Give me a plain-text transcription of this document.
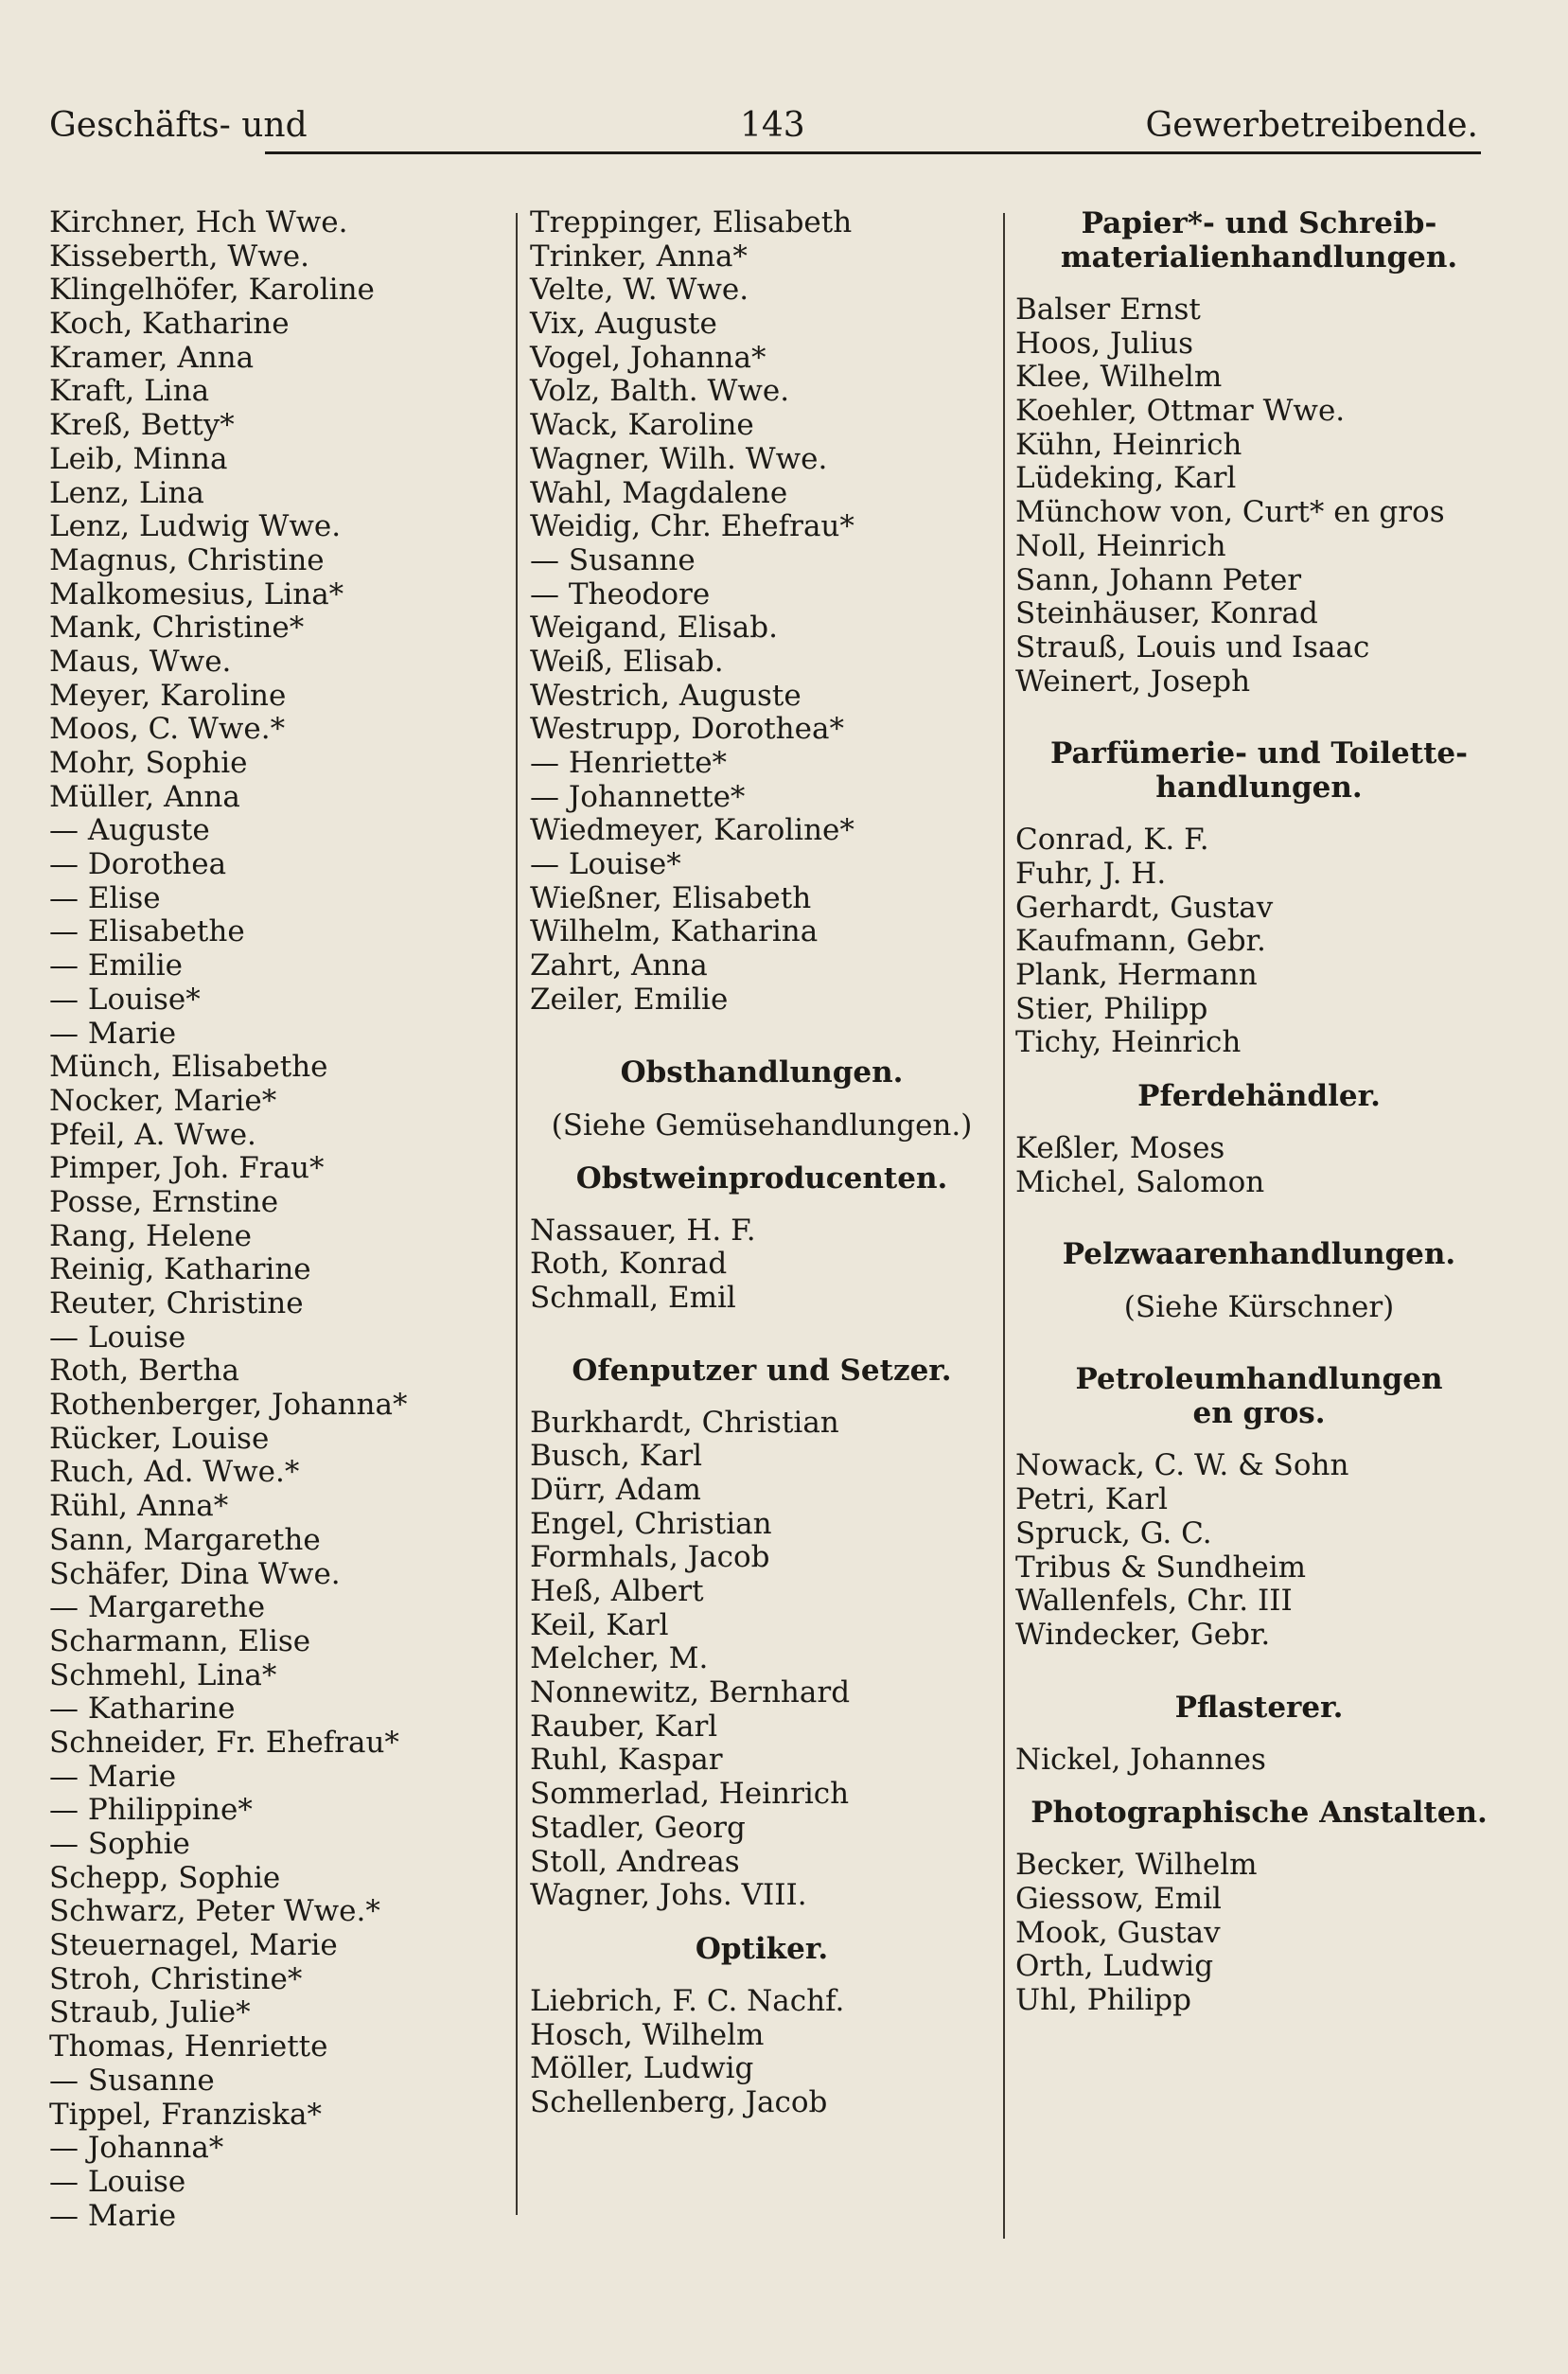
Geschäfts- und	143	Gewerbetreibende.
Kirchner, Hch Wwe.
Kisseberth, Wwe.
Klingelhöfer, Karoline
Koch, Katharine
Kramer, Anna
Kraft, Lina
Kreß, Betty*
Leib, Minna
Lenz, Lina
Lenz, Ludwig Wwe.
Magnus, Christine
Malkomesius, Lina*
Mank, Christine*
Maus, Wwe.
Meyer, Karoline
Moos, C. Wwe.*
Mohr, Sophie
Müller, Anna
— Auguste
— Dorothea
— Elise
— Elisabethe
— Emilie
— Louise*
— Marie
Münch, Elisabethe
Nocker, Marie*
Pfeil, A. Wwe.
Pimper, Joh. Frau*
Posse, Ernstine
Rang, Helene
Reinig, Katharine
Reuter, Christine
— Louise
Roth, Bertha
Rothenberger, Johanna*
Rücker, Louise
Ruch, Ad. Wwe.*
Rühl, Anna*
Sann, Margarethe
Schäfer, Dina Wwe.
— Margarethe
Scharmann, Elise
Schmehl, Lina*
— Katharine
Schneider, Fr. Ehefrau*
— Marie
— Philippine*
— Sophie
Schepp, Sophie
Schwarz, Peter Wwe.*
Steuernagel, Marie
Stroh, Christine*
Straub, Julie*
Thomas, Henriette
— Susanne
Tippel, Franziska*
— Johanna*
— Louise
— Marie
Treppinger, Elisabeth
Trinker, Anna*
Velte, W. Wwe.
Vix, Auguste
Vogel, Johanna*
Volz, Balth. Wwe.
Wack, Karoline
Wagner, Wilh. Wwe.
Wahl, Magdalene
Weidig, Chr. Ehefrau*
— Susanne
— Theodore
Weigand, Elisab.
Weiß, Elisab.
Westrich, Auguste
Westrupp, Dorothea*
— Henriette*
— Johannette*
Wiedmeyer, Karoline*
— Louise*
Wießner, Elisabeth
Wilhelm, Katharina
Zahrt, Anna
Zeiler, Emilie
Obsthandlungen.
(Siehe Gemüsehandlungen.)
Obstweinproducenten.
Nassauer, H. F.
Roth, Konrad
Schmall, Emil
Ofenputzer und Setzer.
Burkhardt, Christian
Busch, Karl
Dürr, Adam
Engel, Christian
Formhals, Jacob
Heß, Albert
Keil, Karl
Melcher, M.
Nonnewitz, Bernhard
Rauber, Karl
Ruhl, Kaspar
Sommerlad, Heinrich
Stadler, Georg
Stoll, Andreas
Wagner, Johs. VIII.
Optiker.
Liebrich, F. C. Nachf.
Hosch, Wilhelm
Möller, Ludwig
Schellenberg, Jacob
Papier*- und Schreib-
materialienhandlungen.
Balser Ernst
Hoos, Julius
Klee, Wilhelm
Koehler, Ottmar Wwe.
Kühn, Heinrich
Lüdeking, Karl
Münchow von, Curt* en gros
Noll, Heinrich
Sann, Johann Peter
Steinhäuser, Konrad
Strauß, Louis und Isaac
Weinert, Joseph
Parfümerie- und Toilette-
handlungen.
Conrad, K. F.
Fuhr, J. H.
Gerhardt, Gustav
Kaufmann, Gebr.
Plank, Hermann
Stier, Philipp
Tichy, Heinrich
Pferdehändler.
Keßler, Moses
Michel, Salomon
Pelzwaarenhandlungen.
(Siehe Kürschner)
Petroleumhandlungen
en gros.
Nowack, C. W. & Sohn
Petri, Karl
Spruck, G. C.
Tribus & Sundheim
Wallenfels, Chr. III
Windecker, Gebr.
Pflasterer.
Nickel, Johannes
Photographische Anstalten.
Becker, Wilhelm
Giessow, Emil
Mook, Gustav
Orth, Ludwig
Uhl, Philipp
